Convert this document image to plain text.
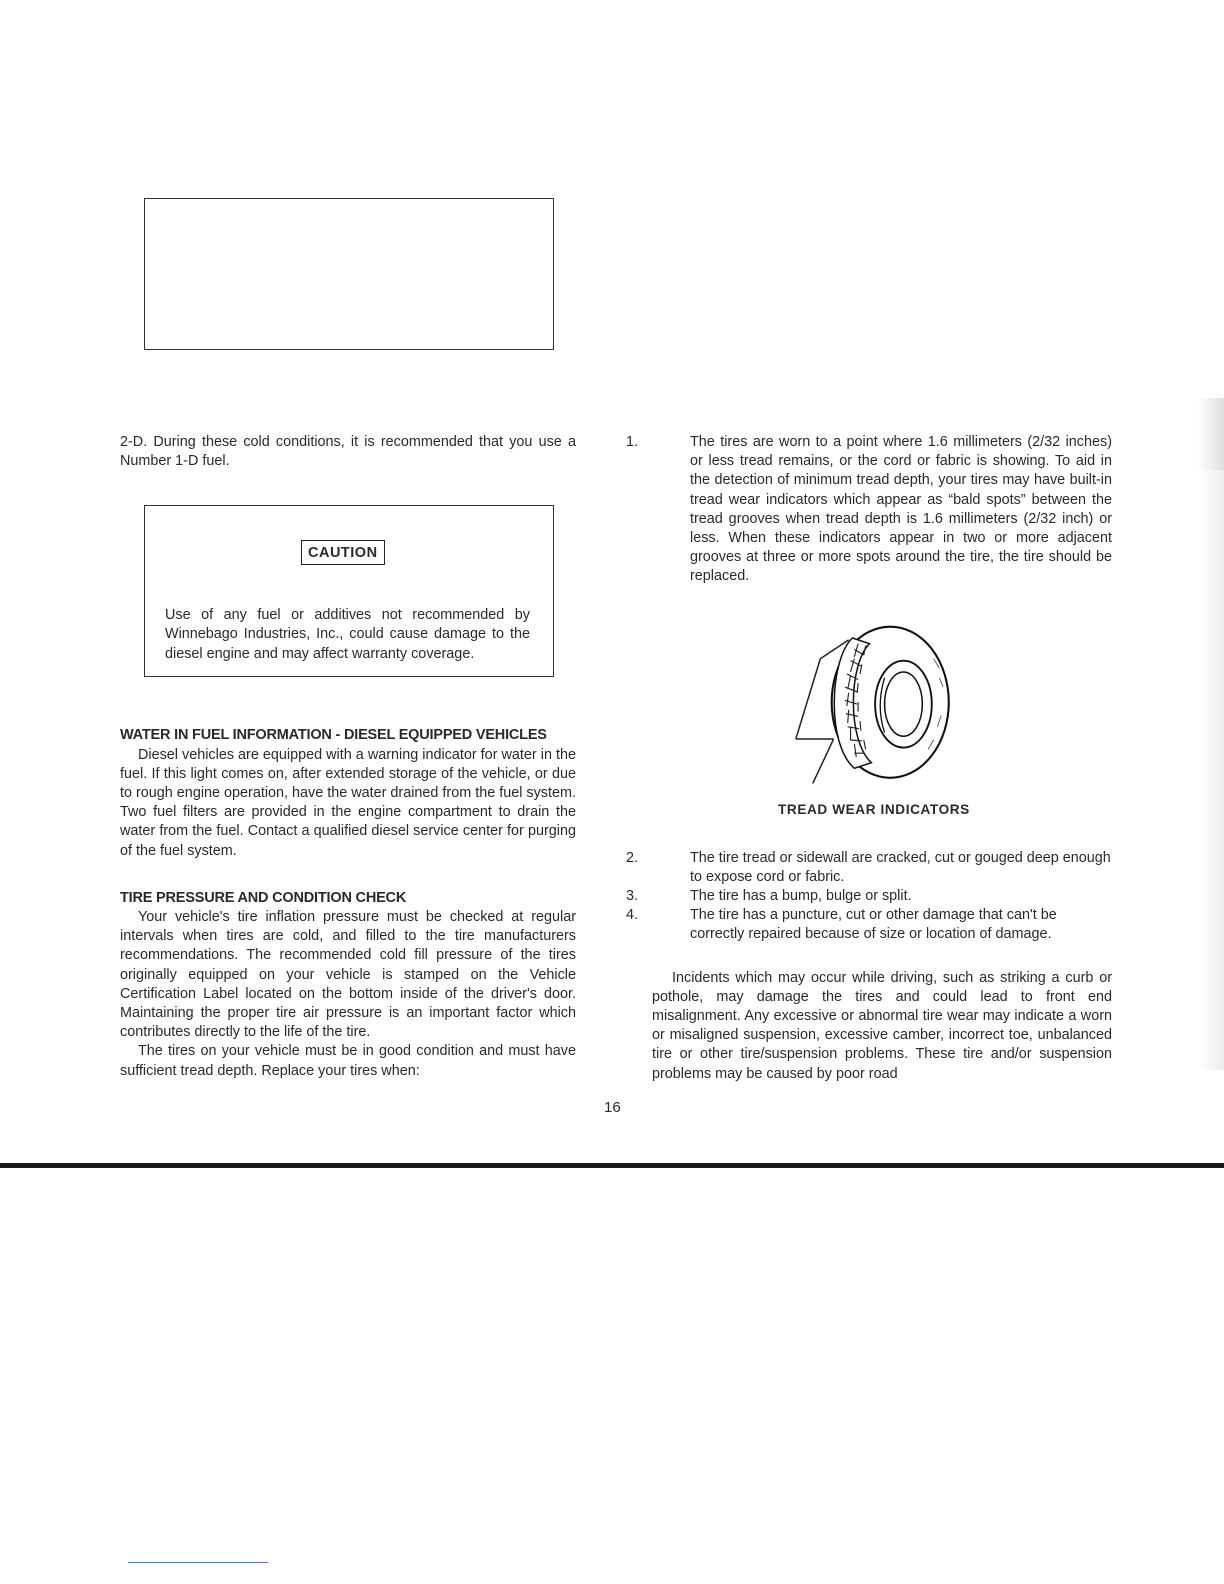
2-D. During these cold conditions, it is recommended that you use a Number 1-D fuel.

WATER IN FUEL INFORMATION - DIESEL EQUIPPED VEHICLES

Diesel vehicles are equipped with a warning indicator for water in the fuel. If this light comes on, after extended storage of the vehicle, or due to rough engine operation, have the water drained from the fuel system. Two fuel filters are provided in the engine compartment to drain the water from the fuel. Contact a qualified diesel service center for purging of the fuel system.

TIRE PRESSURE AND CONDITION CHECK

Your vehicle's tire inflation pressure must be checked at regular intervals when tires are cold, and filled to the tire manufacturers recommendations. The recommended cold fill pressure of the tires originally equipped on your vehicle is stamped on the Vehicle Certification Label located on the bottom inside of the driver's door. Maintaining the proper tire air pressure is an important factor which contributes directly to the life of the tire.

The tires on your vehicle must be in good condition and must have sufficient tread depth. Replace your tires when:

CAUTION

Use of any fuel or additives not recommended by Winnebago Industries, Inc., could cause damage to the diesel engine and may affect warranty coverage.

1.	The tires are worn to a point where 1.6 millimeters (2/32 inches) or less tread remains, or the cord or fabric is showing. To aid in the detection of minimum tread depth, your tires may have built-in tread wear indicators which appear as “bald spots” between the tread grooves when tread depth is 1.6 millimeters (2/32 inch) or less. When these indicators appear in two or more adjacent grooves at three or more spots around the tire, the tire should be replaced.
TREAD WEAR INDICATORS
2.	The tire tread or sidewall are cracked, cut or gouged deep enough to expose cord or fabric.
3.	The tire has a bump, bulge or split.
4.	The tire has a puncture, cut or other damage that can't be correctly repaired because of size or location of damage.

Incidents which may occur while driving, such as striking a curb or pothole, may damage the tires and could lead to front end misalignment. Any excessive or abnormal tire wear may indicate a worn or misaligned suspension, excessive camber, incorrect toe, unbalanced tire or other tire/suspension problems. These tire and/or suspension problems may be caused by poor road

16
